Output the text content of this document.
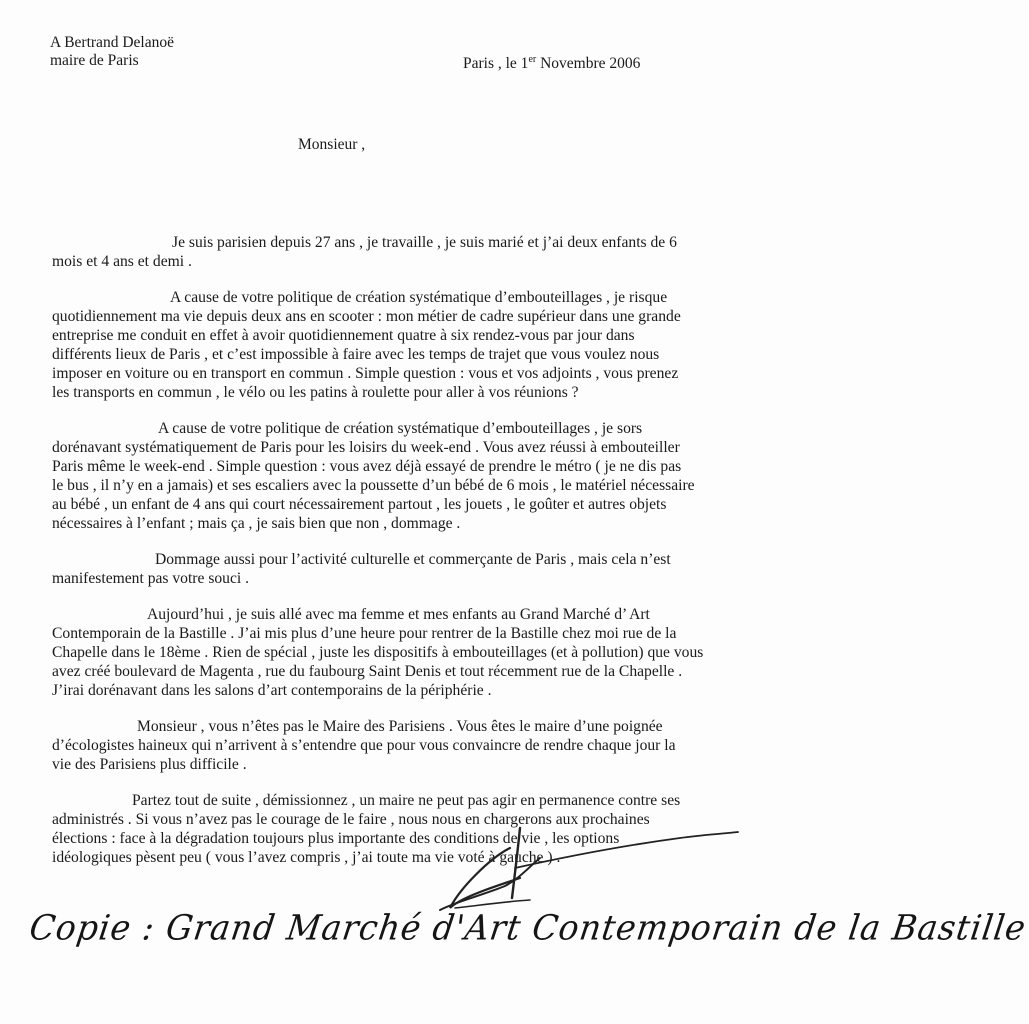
A Bertrand Delanoë
maire de Paris	Paris , le 1er Novembre 2006
Monsieur ,
Je suis parisien depuis 27 ans , je travaille , je suis marié et j’ai deux enfants de 6
mois et 4 ans et demi .
A cause de votre politique de création systématique d’embouteillages , je risque
quotidiennement ma vie depuis deux ans en scooter : mon métier de cadre supérieur dans une grande
entreprise me conduit en effet à avoir quotidiennement quatre à six rendez-vous par jour dans
différents lieux de Paris , et c’est impossible à faire avec les temps de trajet que vous voulez nous
imposer en voiture ou en transport en commun . Simple question : vous et vos adjoints , vous prenez
les transports en commun , le vélo ou les patins à roulette pour aller à vos réunions ?
A cause de votre politique de création systématique d’embouteillages , je sors
dorénavant systématiquement de Paris pour les loisirs du week-end . Vous avez réussi à embouteiller
Paris même le week-end . Simple question : vous avez déjà essayé de prendre le métro ( je ne dis pas
le bus , il n’y en a jamais) et ses escaliers avec la poussette d’un bébé de 6 mois , le matériel nécessaire
au bébé , un enfant de 4 ans qui court nécessairement partout , les jouets , le goûter et autres objets
nécessaires à l’enfant ; mais ça , je sais bien que non , dommage .
Dommage aussi pour l’activité culturelle et commerçante de Paris , mais cela n’est
manifestement pas votre souci .
Aujourd’hui , je suis allé avec ma femme et mes enfants au Grand Marché d’ Art
Contemporain de la Bastille . J’ai mis plus d’une heure pour rentrer de la Bastille chez moi rue de la
Chapelle dans le 18ème . Rien de spécial , juste les dispositifs à embouteillages (et à pollution) que vous
avez créé boulevard de Magenta , rue du faubourg Saint Denis et tout récemment rue de la Chapelle .
J’irai dorénavant dans les salons d’art contemporains de la périphérie .
Monsieur , vous n’êtes pas le Maire des Parisiens . Vous êtes le maire d’une poignée
d’écologistes haineux qui n’arrivent à s’entendre que pour vous convaincre de rendre chaque jour la
vie des Parisiens plus difficile .
Partez tout de suite , démissionnez , un maire ne peut pas agir en permanence contre ses
administrés . Si vous n’avez pas le courage de le faire , nous nous en chargerons aux prochaines
élections : face à la dégradation toujours plus importante des conditions de vie , les options
idéologiques pèsent peu ( vous l’avez compris , j’ai toute ma vie voté à gauche ) .
Copie : Grand Marché d'Art Contemporain de la Bastille
